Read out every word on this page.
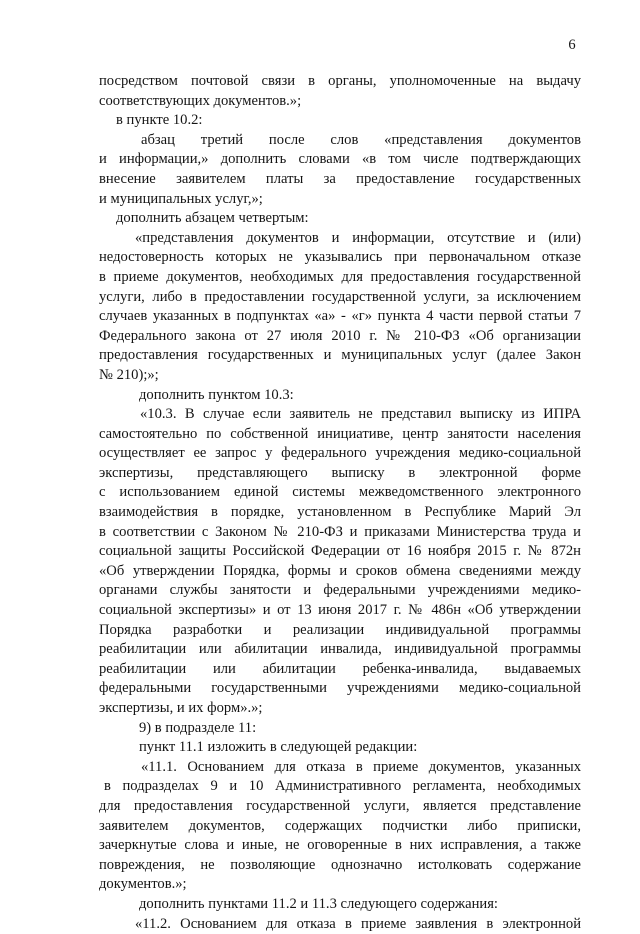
6
посредством почтовой связи в органы, уполномоченные на выдачу
соответствующих документов.»;
в пункте 10.2:
абзац третий после слов «представления документов
и информации,» дополнить словами «в том числе подтверждающих
внесение заявителем платы за предоставление государственных
и муниципальных услуг,»;
дополнить абзацем четвертым:
«представления документов и информации, отсутствие и (или)
недостоверность которых не указывались при первоначальном отказе
в приеме документов, необходимых для предоставления государственной
услуги, либо в предоставлении государственной услуги, за исключением
случаев указанных в подпунктах «а» - «г» пункта 4 части первой статьи 7
Федерального закона от 27 июля 2010 г. № 210-ФЗ «Об организации
предоставления государственных и муниципальных услуг (далее Закон
№ 210);»;
дополнить пунктом 10.3:
«10.3. В случае если заявитель не представил выписку из ИПРА
самостоятельно по собственной инициативе, центр занятости населения
осуществляет ее запрос у федерального учреждения медико-социальной
экспертизы, представляющего выписку в электронной форме
с использованием единой системы межведомственного электронного
взаимодействия в порядке, установленном в Республике Марий Эл
в соответствии с Законом № 210-ФЗ и приказами Министерства труда и
социальной защиты Российской Федерации от 16 ноября 2015 г. № 872н
«Об утверждении Порядка, формы и сроков обмена сведениями между
органами службы занятости и федеральными учреждениями медико-
социальной экспертизы» и от 13 июня 2017 г. № 486н «Об утверждении
Порядка разработки и реализации индивидуальной программы
реабилитации или абилитации инвалида, индивидуальной программы
реабилитации или абилитации ребенка-инвалида, выдаваемых
федеральными государственными учреждениями медико-социальной
экспертизы, и их форм».»;
9) в подразделе 11:
пункт 11.1 изложить в следующей редакции:
«11.1. Основанием для отказа в приеме документов, указанных
в подразделах 9 и 10 Административного регламента, необходимых
для предоставления государственной услуги, является представление
заявителем документов, содержащих подчистки либо приписки,
зачеркнутые слова и иные, не оговоренные в них исправления, а также
повреждения, не позволяющие однозначно истолковать содержание
документов.»;
дополнить пунктами 11.2 и 11.3 следующего содержания:
«11.2. Основанием для отказа в приеме заявления в электронной
